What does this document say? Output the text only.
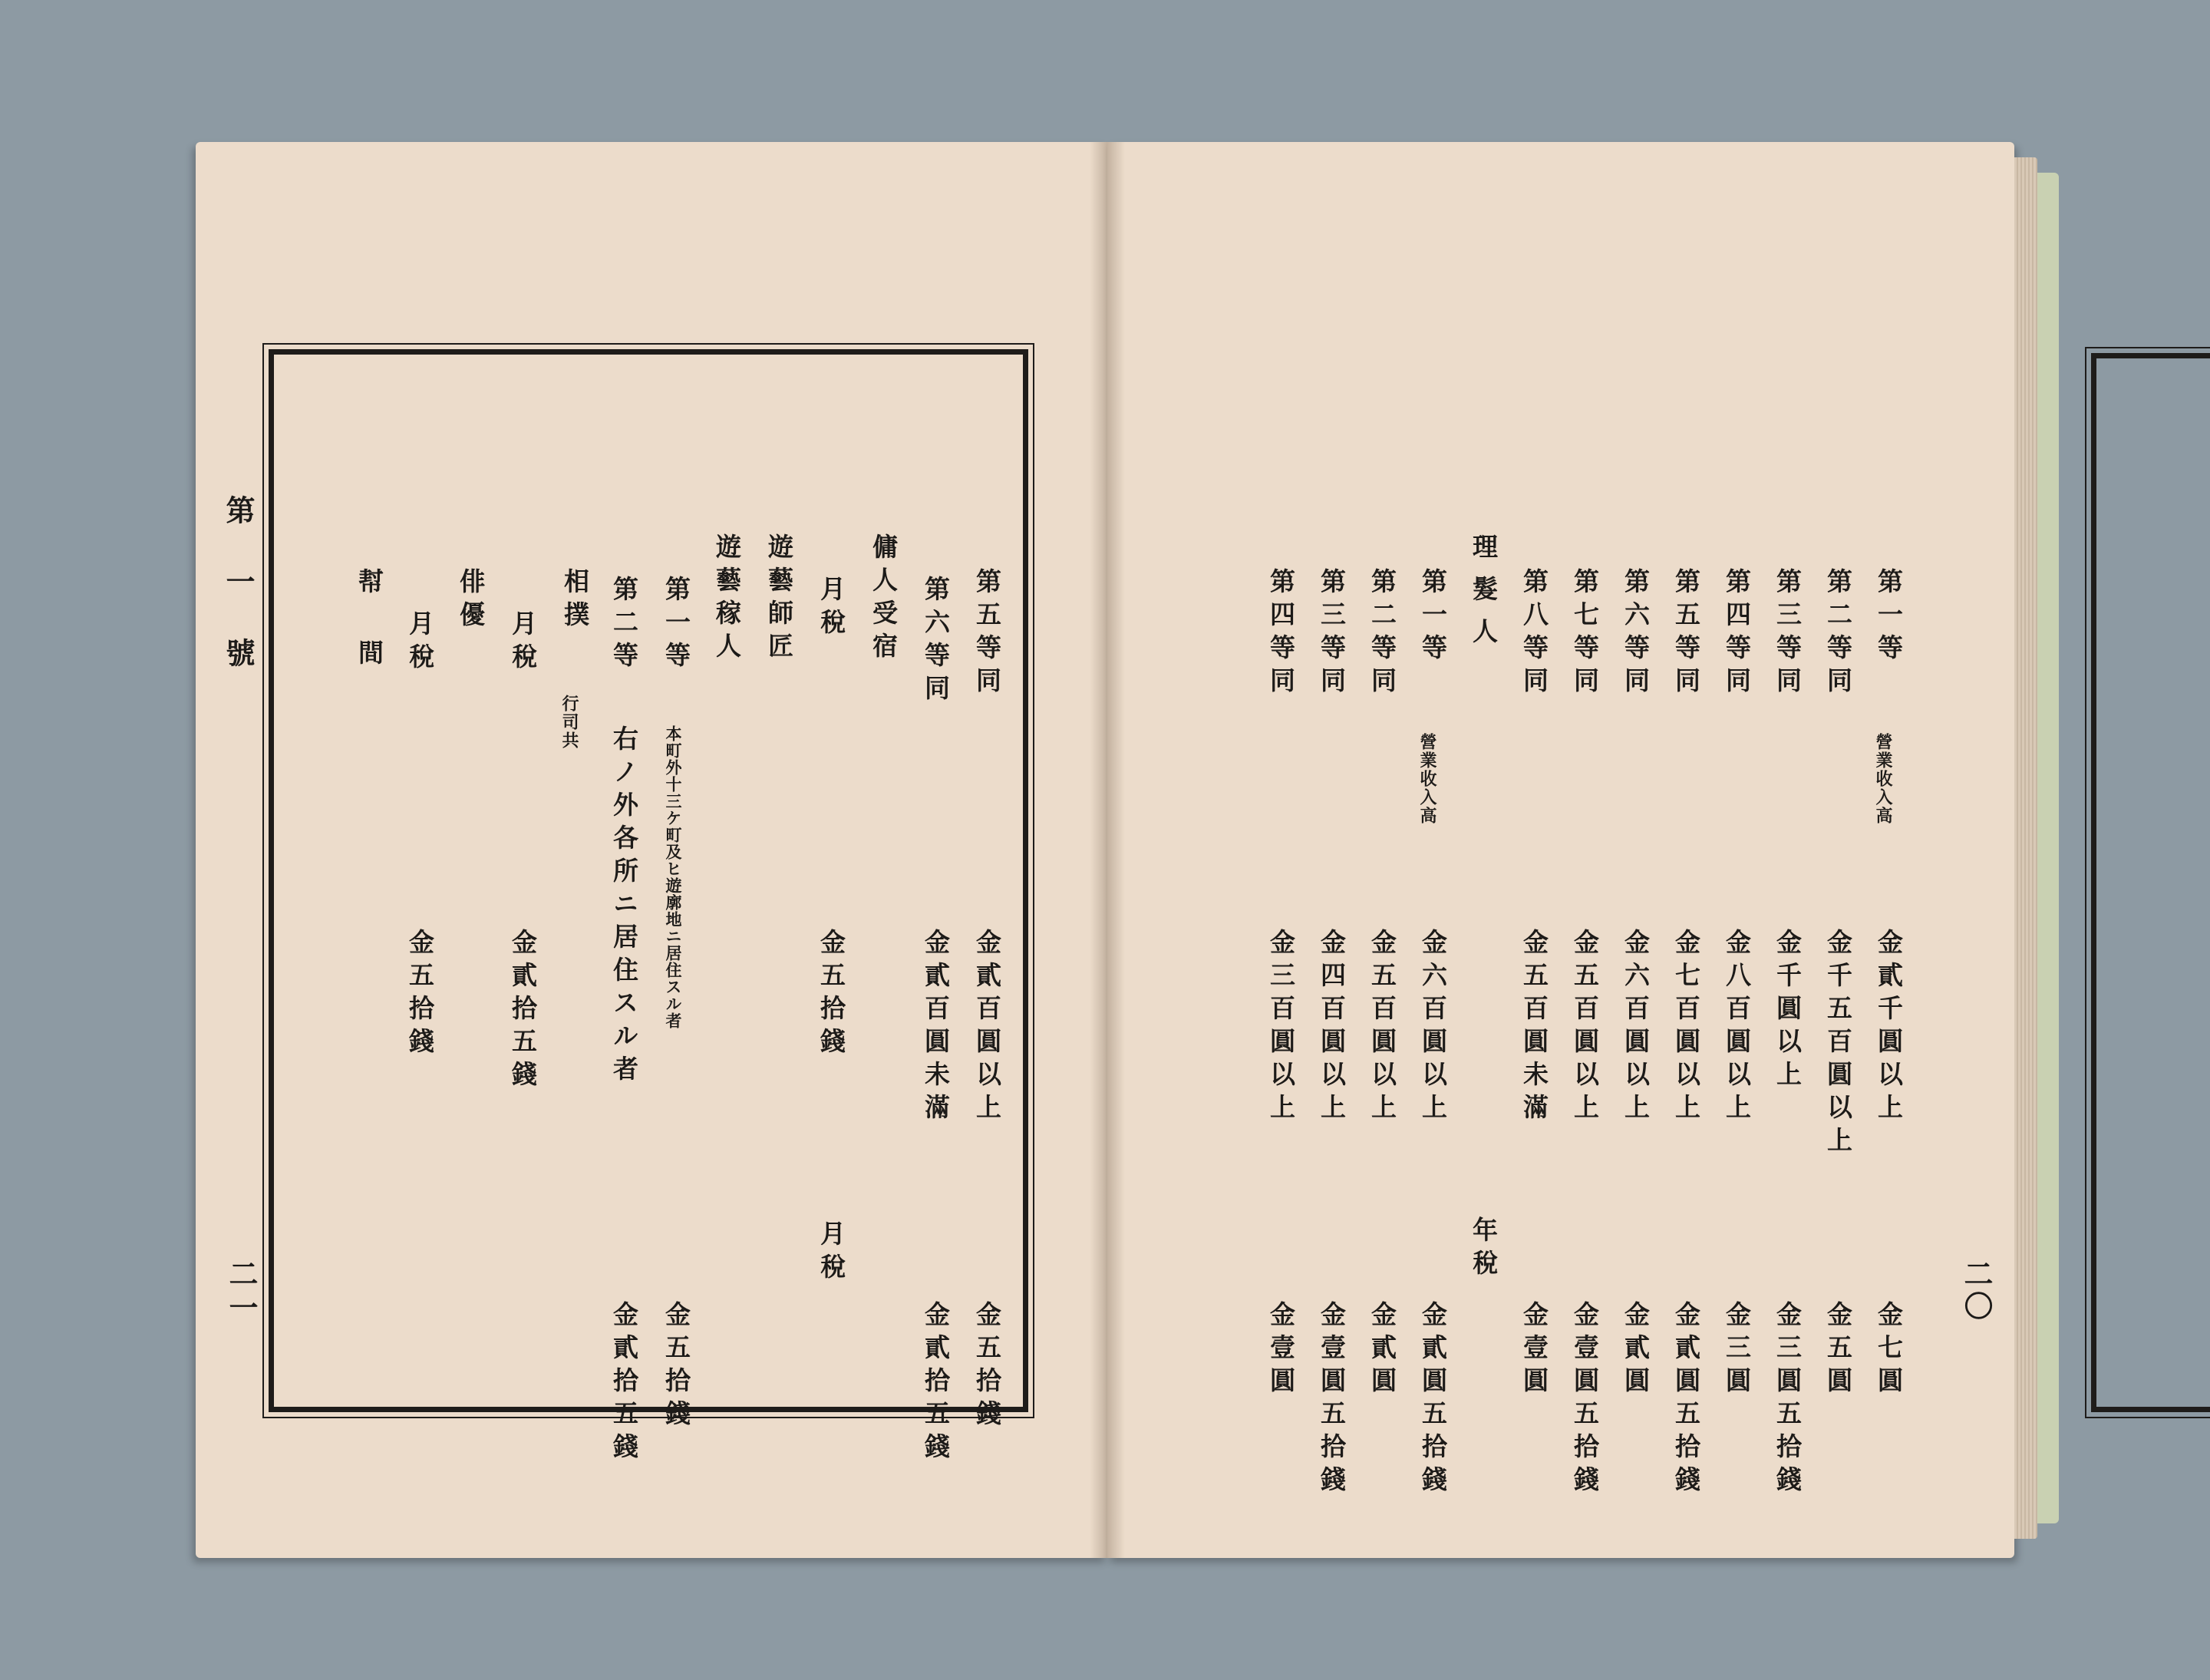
第一號
二一
第五等同
金貳百圓以上
金五拾錢
第六等同
金貳百圓未滿
金貳拾五錢
傭人受宿
月稅
金五拾錢
月稅
遊藝師匠
遊藝稼人
第一等
本町外十三ケ町及ヒ遊廓地ニ居住スル者
金五拾錢
第二等
右ノ外各所ニ居住スル者
金貳拾五錢
相撲
行司共
月稅
金貳拾五錢
俳優
月稅
金五拾錢
幇間
二〇
第一等
營業收入高
金貳千圓以上
金七圓
第二等同
金千五百圓以上
金五圓
第三等同
金千圓以上
金三圓五拾錢
第四等同
金八百圓以上
金三圓
第五等同
金七百圓以上
金貳圓五拾錢
第六等同
金六百圓以上
金貳圓
第七等同
金五百圓以上
金壹圓五拾錢
第八等同
金五百圓未滿
金壹圓
理髮人
年稅
第一等
營業收入高
金六百圓以上
金貳圓五拾錢
第二等同
金五百圓以上
金貳圓
第三等同
金四百圓以上
金壹圓五拾錢
第四等同
金三百圓以上
金壹圓
